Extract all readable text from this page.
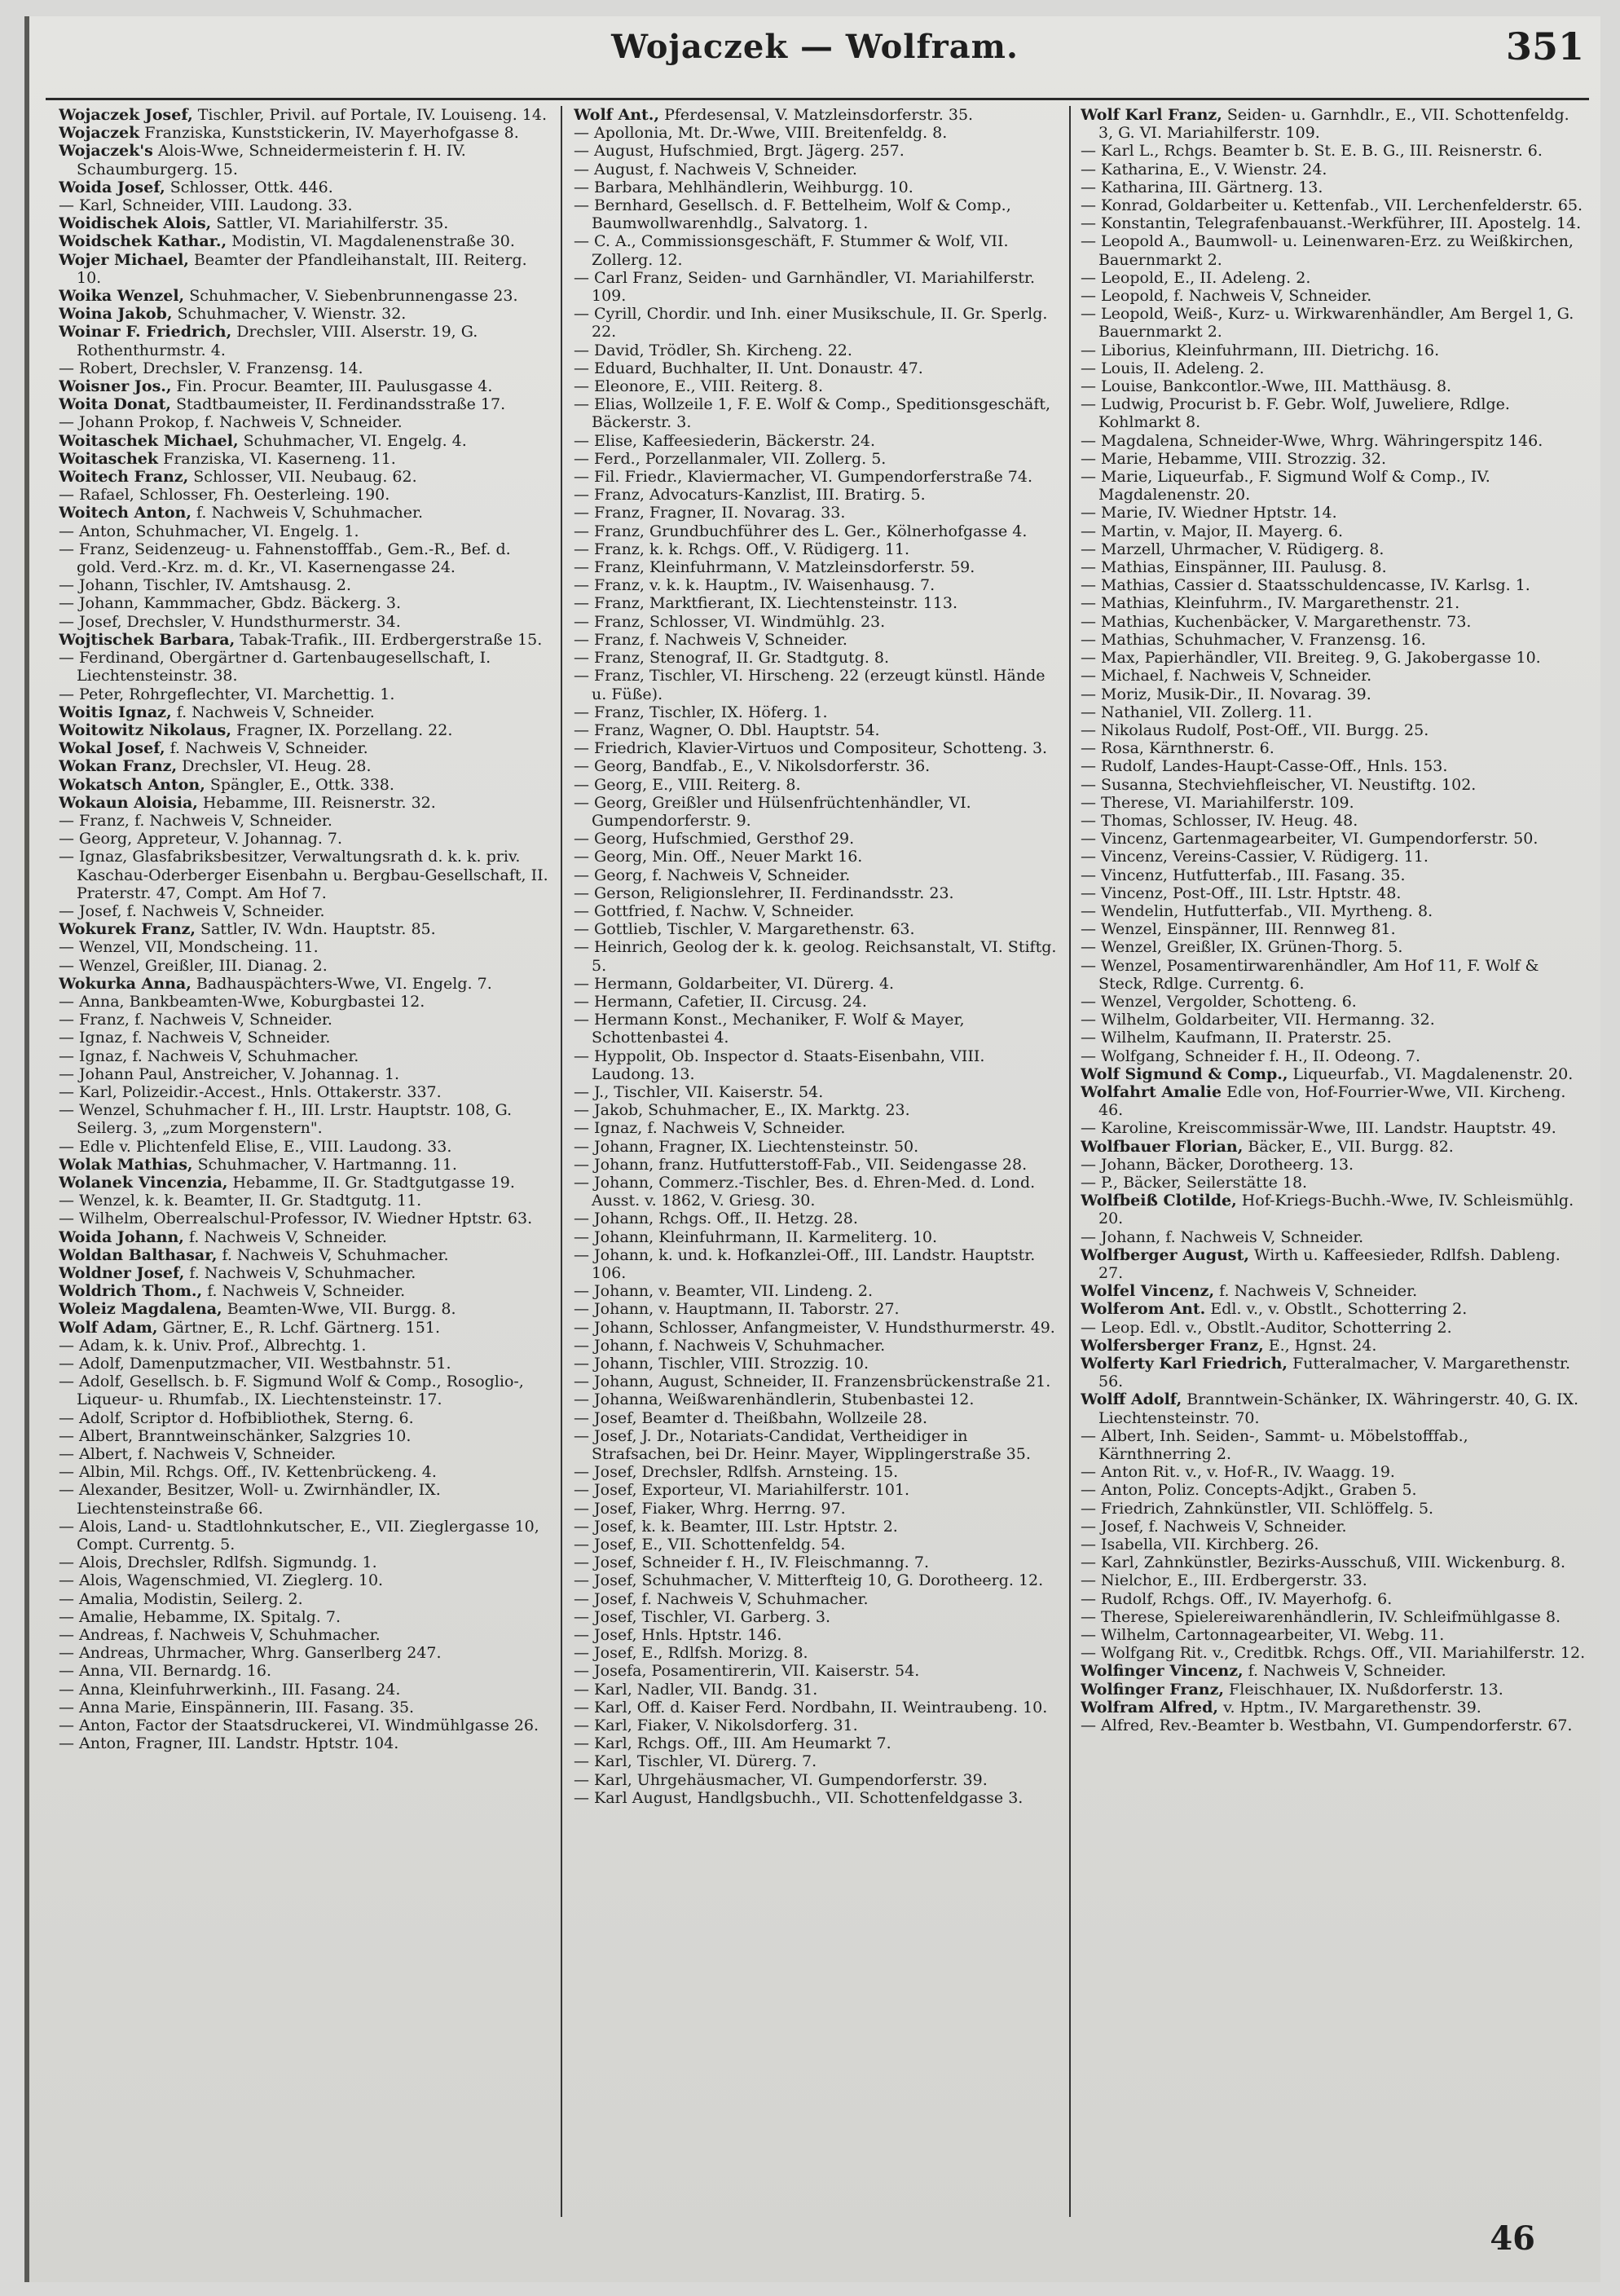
Wojaczek — Wolfram.	351

Wojaczek Josef, Tischler, Privil. auf Portale, IV. Louiseng. 14.

Wojaczek Franziska, Kunststickerin, IV. Mayerhofgasse 8.

Wojaczek's Alois-Wwe, Schneidermeisterin f. H. IV. Schaumburgerg. 15.

Woida Josef, Schlosser, Ottk. 446.

— Karl, Schneider, VIII. Laudong. 33.

Woidischek Alois, Sattler, VI. Mariahilferstr. 35.

Woidschek Kathar., Modistin, VI. Magdalenenstraße 30.

Wojer Michael, Beamter der Pfandleihanstalt, III. Reiterg. 10.

Woika Wenzel, Schuhmacher, V. Siebenbrunnengasse 23.

Woina Jakob, Schuhmacher, V. Wienstr. 32.

Woinar F. Friedrich, Drechsler, VIII. Alserstr. 19, G. Rothenthurmstr. 4.

— Robert, Drechsler, V. Franzensg. 14.

Woisner Jos., Fin. Procur. Beamter, III. Paulusgasse 4.

Woita Donat, Stadtbaumeister, II. Ferdinandsstraße 17.

— Johann Prokop, f. Nachweis V, Schneider.

Woitaschek Michael, Schuhmacher, VI. Engelg. 4.

Woitaschek Franziska, VI. Kaserneng. 11.

Woitech Franz, Schlosser, VII. Neubaug. 62.

— Rafael, Schlosser, Fh. Oesterleing. 190.

Woitech Anton, f. Nachweis V, Schuhmacher.

— Anton, Schuhmacher, VI. Engelg. 1.

— Franz, Seidenzeug- u. Fahnenstofffab., Gem.-R., Bef. d. gold. Verd.-Krz. m. d. Kr., VI. Kasernengasse 24.

— Johann, Tischler, IV. Amtshausg. 2.

— Johann, Kammmacher, Gbdz. Bäckerg. 3.

— Josef, Drechsler, V. Hundsthurmerstr. 34.

Wojtischek Barbara, Tabak-Trafik., III. Erdbergerstraße 15.

— Ferdinand, Obergärtner d. Gartenbaugesellschaft, I. Liechtensteinstr. 38.

— Peter, Rohrgeflechter, VI. Marchettig. 1.

Woitis Ignaz, f. Nachweis V, Schneider.

Woitowitz Nikolaus, Fragner, IX. Porzellang. 22.

Wokal Josef, f. Nachweis V, Schneider.

Wokan Franz, Drechsler, VI. Heug. 28.

Wokatsch Anton, Spängler, E., Ottk. 338.

Wokaun Aloisia, Hebamme, III. Reisnerstr. 32.

— Franz, f. Nachweis V, Schneider.

— Georg, Appreteur, V. Johannag. 7.

— Ignaz, Glasfabriksbesitzer, Verwaltungsrath d. k. k. priv. Kaschau-Oderberger Eisenbahn u. Bergbau-Gesellschaft, II. Praterstr. 47, Compt. Am Hof 7.

— Josef, f. Nachweis V, Schneider.

Wokurek Franz, Sattler, IV. Wdn. Hauptstr. 85.

— Wenzel, VII, Mondscheing. 11.

— Wenzel, Greißler, III. Dianag. 2.

Wokurka Anna, Badhauspächters-Wwe, VI. Engelg. 7.

— Anna, Bankbeamten-Wwe, Koburgbastei 12.

— Franz, f. Nachweis V, Schneider.

— Ignaz, f. Nachweis V, Schneider.

— Ignaz, f. Nachweis V, Schuhmacher.

— Johann Paul, Anstreicher, V. Johannag. 1.

— Karl, Polizeidir.-Accest., Hnls. Ottakerstr. 337.

— Wenzel, Schuhmacher f. H., III. Lrstr. Hauptstr. 108, G. Seilerg. 3, „zum Morgenstern".

— Edle v. Plichtenfeld Elise, E., VIII. Laudong. 33.

Wolak Mathias, Schuhmacher, V. Hartmanng. 11.

Wolanek Vincenzia, Hebamme, II. Gr. Stadtgutgasse 19.

— Wenzel, k. k. Beamter, II. Gr. Stadtgutg. 11.

— Wilhelm, Oberrealschul-Professor, IV. Wiedner Hptstr. 63.

Woida Johann, f. Nachweis V, Schneider.

Woldan Balthasar, f. Nachweis V, Schuhmacher.

Woldner Josef, f. Nachweis V, Schuhmacher.

Woldrich Thom., f. Nachweis V, Schneider.

Woleiz Magdalena, Beamten-Wwe, VII. Burgg. 8.

Wolf Adam, Gärtner, E., R. Lchf. Gärtnerg. 151.

— Adam, k. k. Univ. Prof., Albrechtg. 1.

— Adolf, Damenputzmacher, VII. Westbahnstr. 51.

— Adolf, Gesellsch. b. F. Sigmund Wolf & Comp., Rosoglio-, Liqueur- u. Rhumfab., IX. Liechtensteinstr. 17.

— Adolf, Scriptor d. Hofbibliothek, Sterng. 6.

— Albert, Branntweinschänker, Salzgries 10.

— Albert, f. Nachweis V, Schneider.

— Albin, Mil. Rchgs. Off., IV. Kettenbrückeng. 4.

— Alexander, Besitzer, Woll- u. Zwirnhändler, IX. Liechtensteinstraße 66.

— Alois, Land- u. Stadtlohnkutscher, E., VII. Zieglergasse 10, Compt. Currentg. 5.

— Alois, Drechsler, Rdlfsh. Sigmundg. 1.

— Alois, Wagenschmied, VI. Zieglerg. 10.

— Amalia, Modistin, Seilerg. 2.

— Amalie, Hebamme, IX. Spitalg. 7.

— Andreas, f. Nachweis V, Schuhmacher.

— Andreas, Uhrmacher, Whrg. Ganserlberg 247.

— Anna, VII. Bernardg. 16.

— Anna, Kleinfuhrwerkinh., III. Fasang. 24.

— Anna Marie, Einspännerin, III. Fasang. 35.

— Anton, Factor der Staatsdruckerei, VI. Windmühlgasse 26.

— Anton, Fragner, III. Landstr. Hptstr. 104.

Wolf Ant., Pferdesensal, V. Matzleinsdorferstr. 35.

— Apollonia, Mt. Dr.-Wwe, VIII. Breitenfeldg. 8.

— August, Hufschmied, Brgt. Jägerg. 257.

— August, f. Nachweis V, Schneider.

— Barbara, Mehlhändlerin, Weihburgg. 10.

— Bernhard, Gesellsch. d. F. Bettelheim, Wolf & Comp., Baumwollwarenhdlg., Salvatorg. 1.

— C. A., Commissionsgeschäft, F. Stummer & Wolf, VII. Zollerg. 12.

— Carl Franz, Seiden- und Garnhändler, VI. Mariahilferstr. 109.

— Cyrill, Chordir. und Inh. einer Musikschule, II. Gr. Sperlg. 22.

— David, Trödler, Sh. Kircheng. 22.

— Eduard, Buchhalter, II. Unt. Donaustr. 47.

— Eleonore, E., VIII. Reiterg. 8.

— Elias, Wollzeile 1, F. E. Wolf & Comp., Speditionsgeschäft, Bäckerstr. 3.

— Elise, Kaffeesiederin, Bäckerstr. 24.

— Ferd., Porzellanmaler, VII. Zollerg. 5.

— Fil. Friedr., Klaviermacher, VI. Gumpendorferstraße 74.

— Franz, Advocaturs-Kanzlist, III. Bratirg. 5.

— Franz, Fragner, II. Novarag. 33.

— Franz, Grundbuchführer des L. Ger., Kölnerhofgasse 4.

— Franz, k. k. Rchgs. Off., V. Rüdigerg. 11.

— Franz, Kleinfuhrmann, V. Matzleinsdorferstr. 59.

— Franz, v. k. k. Hauptm., IV. Waisenhausg. 7.

— Franz, Marktfierant, IX. Liechtensteinstr. 113.

— Franz, Schlosser, VI. Windmühlg. 23.

— Franz, f. Nachweis V, Schneider.

— Franz, Stenograf, II. Gr. Stadtgutg. 8.

— Franz, Tischler, VI. Hirscheng. 22 (erzeugt künstl. Hände u. Füße).

— Franz, Tischler, IX. Höferg. 1.

— Franz, Wagner, O. Dbl. Hauptstr. 54.

— Friedrich, Klavier-Virtuos und Compositeur, Schotteng. 3.

— Georg, Bandfab., E., V. Nikolsdorferstr. 36.

— Georg, E., VIII. Reiterg. 8.

— Georg, Greißler und Hülsenfrüchtenhändler, VI. Gumpendorferstr. 9.

— Georg, Hufschmied, Gersthof 29.

— Georg, Min. Off., Neuer Markt 16.

— Georg, f. Nachweis V, Schneider.

— Gerson, Religionslehrer, II. Ferdinandsstr. 23.

— Gottfried, f. Nachw. V, Schneider.

— Gottlieb, Tischler, V. Margarethenstr. 63.

— Heinrich, Geolog der k. k. geolog. Reichsanstalt, VI. Stiftg. 5.

— Hermann, Goldarbeiter, VI. Dürerg. 4.

— Hermann, Cafetier, II. Circusg. 24.

— Hermann Konst., Mechaniker, F. Wolf & Mayer, Schottenbastei 4.

— Hyppolit, Ob. Inspector d. Staats-Eisenbahn, VIII. Laudong. 13.

— J., Tischler, VII. Kaiserstr. 54.

— Jakob, Schuhmacher, E., IX. Marktg. 23.

— Ignaz, f. Nachweis V, Schneider.

— Johann, Fragner, IX. Liechtensteinstr. 50.

— Johann, franz. Hutfutterstoff-Fab., VII. Seidengasse 28.

— Johann, Commerz.-Tischler, Bes. d. Ehren-Med. d. Lond. Ausst. v. 1862, V. Griesg. 30.

— Johann, Rchgs. Off., II. Hetzg. 28.

— Johann, Kleinfuhrmann, II. Karmeliterg. 10.

— Johann, k. und. k. Hofkanzlei-Off., III. Landstr. Hauptstr. 106.

— Johann, v. Beamter, VII. Lindeng. 2.

— Johann, v. Hauptmann, II. Taborstr. 27.

— Johann, Schlosser, Anfangmeister, V. Hundsthurmerstr. 49.

— Johann, f. Nachweis V, Schuhmacher.

— Johann, Tischler, VIII. Strozzig. 10.

— Johann, August, Schneider, II. Franzensbrückenstraße 21.

— Johanna, Weißwarenhändlerin, Stubenbastei 12.

— Josef, Beamter d. Theißbahn, Wollzeile 28.

— Josef, J. Dr., Notariats-Candidat, Vertheidiger in Strafsachen, bei Dr. Heinr. Mayer, Wipplingerstraße 35.

— Josef, Drechsler, Rdlfsh. Arnsteing. 15.

— Josef, Exporteur, VI. Mariahilferstr. 101.

— Josef, Fiaker, Whrg. Herrng. 97.

— Josef, k. k. Beamter, III. Lstr. Hptstr. 2.

— Josef, E., VII. Schottenfeldg. 54.

— Josef, Schneider f. H., IV. Fleischmanng. 7.

— Josef, Schuhmacher, V. Mitterfteig 10, G. Dorotheerg. 12.

— Josef, f. Nachweis V, Schuhmacher.

— Josef, Tischler, VI. Garberg. 3.

— Josef, Hnls. Hptstr. 146.

— Josef, E., Rdlfsh. Morizg. 8.

— Josefa, Posamentirerin, VII. Kaiserstr. 54.

— Karl, Nadler, VII. Bandg. 31.

— Karl, Off. d. Kaiser Ferd. Nordbahn, II. Weintraubeng. 10.

— Karl, Fiaker, V. Nikolsdorferg. 31.

— Karl, Rchgs. Off., III. Am Heumarkt 7.

— Karl, Tischler, VI. Dürerg. 7.

— Karl, Uhrgehäusmacher, VI. Gumpendorferstr. 39.

— Karl August, Handlgsbuchh., VII. Schottenfeldgasse 3.

Wolf Karl Franz, Seiden- u. Garnhdlr., E., VII. Schottenfeldg. 3, G. VI. Mariahilferstr. 109.

— Karl L., Rchgs. Beamter b. St. E. B. G., III. Reisnerstr. 6.

— Katharina, E., V. Wienstr. 24.

— Katharina, III. Gärtnerg. 13.

— Konrad, Goldarbeiter u. Kettenfab., VII. Lerchenfelderstr. 65.

— Konstantin, Telegrafenbauanst.-Werkführer, III. Apostelg. 14.

— Leopold A., Baumwoll- u. Leinenwaren-Erz. zu Weißkirchen, Bauernmarkt 2.

— Leopold, E., II. Adeleng. 2.

— Leopold, f. Nachweis V, Schneider.

— Leopold, Weiß-, Kurz- u. Wirkwarenhändler, Am Bergel 1, G. Bauernmarkt 2.

— Liborius, Kleinfuhrmann, III. Dietrichg. 16.

— Louis, II. Adeleng. 2.

— Louise, Bankcontlor.-Wwe, III. Matthäusg. 8.

— Ludwig, Procurist b. F. Gebr. Wolf, Juweliere, Rdlge. Kohlmarkt 8.

— Magdalena, Schneider-Wwe, Whrg. Währingerspitz 146.

— Marie, Hebamme, VIII. Strozzig. 32.

— Marie, Liqueurfab., F. Sigmund Wolf & Comp., IV. Magdalenenstr. 20.

— Marie, IV. Wiedner Hptstr. 14.

— Martin, v. Major, II. Mayerg. 6.

— Marzell, Uhrmacher, V. Rüdigerg. 8.

— Mathias, Einspänner, III. Paulusg. 8.

— Mathias, Cassier d. Staatsschuldencasse, IV. Karlsg. 1.

— Mathias, Kleinfuhrm., IV. Margarethenstr. 21.

— Mathias, Kuchenbäcker, V. Margarethenstr. 73.

— Mathias, Schuhmacher, V. Franzensg. 16.

— Max, Papierhändler, VII. Breiteg. 9, G. Jakobergasse 10.

— Michael, f. Nachweis V, Schneider.

— Moriz, Musik-Dir., II. Novarag. 39.

— Nathaniel, VII. Zollerg. 11.

— Nikolaus Rudolf, Post-Off., VII. Burgg. 25.

— Rosa, Kärnthnerstr. 6.

— Rudolf, Landes-Haupt-Casse-Off., Hnls. 153.

— Susanna, Stechviehfleischer, VI. Neustiftg. 102.

— Therese, VI. Mariahilferstr. 109.

— Thomas, Schlosser, IV. Heug. 48.

— Vincenz, Gartenmagearbeiter, VI. Gumpendorferstr. 50.

— Vincenz, Vereins-Cassier, V. Rüdigerg. 11.

— Vincenz, Hutfutterfab., III. Fasang. 35.

— Vincenz, Post-Off., III. Lstr. Hptstr. 48.

— Wendelin, Hutfutterfab., VII. Myrtheng. 8.

— Wenzel, Einspänner, III. Rennweg 81.

— Wenzel, Greißler, IX. Grünen-Thorg. 5.

— Wenzel, Posamentirwarenhändler, Am Hof 11, F. Wolf & Steck, Rdlge. Currentg. 6.

— Wenzel, Vergolder, Schotteng. 6.

— Wilhelm, Goldarbeiter, VII. Hermanng. 32.

— Wilhelm, Kaufmann, II. Praterstr. 25.

— Wolfgang, Schneider f. H., II. Odeong. 7.

Wolf Sigmund & Comp., Liqueurfab., VI. Magdalenenstr. 20.

Wolfahrt Amalie Edle von, Hof-Fourrier-Wwe, VII. Kircheng. 46.

— Karoline, Kreiscommissär-Wwe, III. Landstr. Hauptstr. 49.

Wolfbauer Florian, Bäcker, E., VII. Burgg. 82.

— Johann, Bäcker, Dorotheerg. 13.

— P., Bäcker, Seilerstätte 18.

Wolfbeiß Clotilde, Hof-Kriegs-Buchh.-Wwe, IV. Schleismühlg. 20.

— Johann, f. Nachweis V, Schneider.

Wolfberger August, Wirth u. Kaffeesieder, Rdlfsh. Dableng. 27.

Wolfel Vincenz, f. Nachweis V, Schneider.

Wolferom Ant. Edl. v., v. Obstlt., Schotterring 2.

— Leop. Edl. v., Obstlt.-Auditor, Schotterring 2.

Wolfersberger Franz, E., Hgnst. 24.

Wolferty Karl Friedrich, Futteralmacher, V. Margarethenstr. 56.

Wolff Adolf, Branntwein-Schänker, IX. Währingerstr. 40, G. IX. Liechtensteinstr. 70.

— Albert, Inh. Seiden-, Sammt- u. Möbelstofffab., Kärnthnerring 2.

— Anton Rit. v., v. Hof-R., IV. Waagg. 19.

— Anton, Poliz. Concepts-Adjkt., Graben 5.

— Friedrich, Zahnkünstler, VII. Schlöffelg. 5.

— Josef, f. Nachweis V, Schneider.

— Isabella, VII. Kirchberg. 26.

— Karl, Zahnkünstler, Bezirks-Ausschuß, VIII. Wickenburg. 8.

— Nielchor, E., III. Erdbergerstr. 33.

— Rudolf, Rchgs. Off., IV. Mayerhofg. 6.

— Therese, Spielereiwarenhändlerin, IV. Schleifmühlgasse 8.

— Wilhelm, Cartonnagearbeiter, VI. Webg. 11.

— Wolfgang Rit. v., Creditbk. Rchgs. Off., VII. Mariahilferstr. 12.

Wolfinger Vincenz, f. Nachweis V, Schneider.

Wolfinger Franz, Fleischhauer, IX. Nußdorferstr. 13.

Wolfram Alfred, v. Hptm., IV. Margarethenstr. 39.

— Alfred, Rev.-Beamter b. Westbahn, VI. Gumpendorferstr. 67.

46
